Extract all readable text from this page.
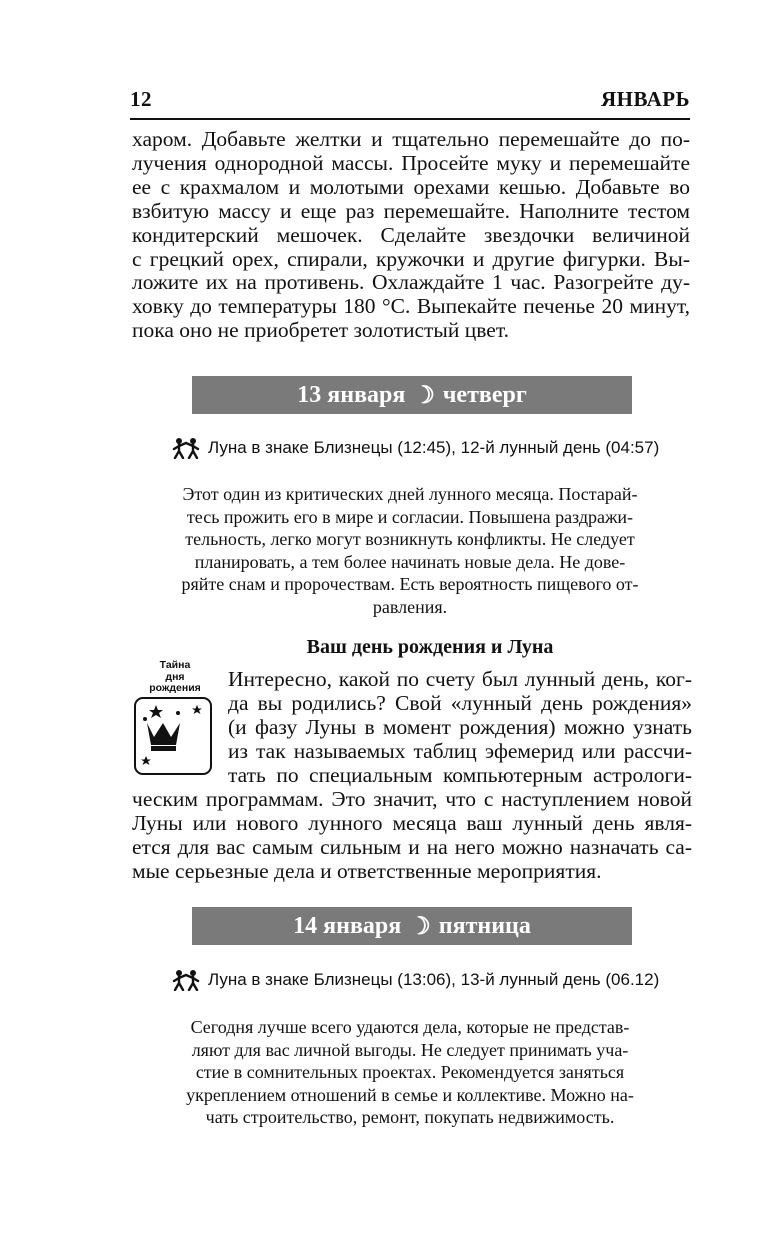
12	ЯНВАРЬ

харом. Добавьте желтки и тщательно перемешайте до по-
лучения однородной массы. Просейте муку и перемешайте
ее с крахмалом и молотыми орехами кешью. Добавьте во
взбитую массу и еще раз перемешайте. Наполните тестом
кондитерский мешочек. Сделайте звездочки величиной
с грецкий орех, спирали, кружочки и другие фигурки. Вы-
ложите их на противень. Охлаждайте 1 час. Разогрейте ду-
ховку до температуры 180 °С. Выпекайте печенье 20 минут,
пока оно не приобретет золотистый цвет.

13 января ☽ четверг
Луна в знаке Близнецы (12:45), 12-й лунный день (04:57)

Этот один из критических дней лунного месяца. Постарай-
тесь прожить его в мире и согласии. Повышена раздражи-
тельность, легко могут возникнуть конфликты. Не следует
планировать, а тем более начинать новые дела. Не дове-
ряйте снам и пророчествам. Есть вероятность пищевого от-
равления.

Ваш день рождения и Луна
Тайна
дня
рождения	Интересно, какой по счету был лунный день, ког-
да вы родились? Свой «лунный день рождения»
(и фазу Луны в момент рождения) можно узнать
из так называемых таблиц эфемерид или рассчи-
тать по специальным компьютерным астрологи-

ческим программам. Это значит, что с наступлением новой
Луны или нового лунного месяца ваш лунный день явля-
ется для вас самым сильным и на него можно назначать са-
мые серьезные дела и ответственные мероприятия.

14 января ☽ пятница
Луна в знаке Близнецы (13:06), 13-й лунный день (06.12)

Сегодня лучше всего удаются дела, которые не представ-
ляют для вас личной выгоды. Не следует принимать уча-
стие в сомнительных проектах. Рекомендуется заняться
укреплением отношений в семье и коллективе. Можно на-
чать строительство, ремонт, покупать недвижимость.
